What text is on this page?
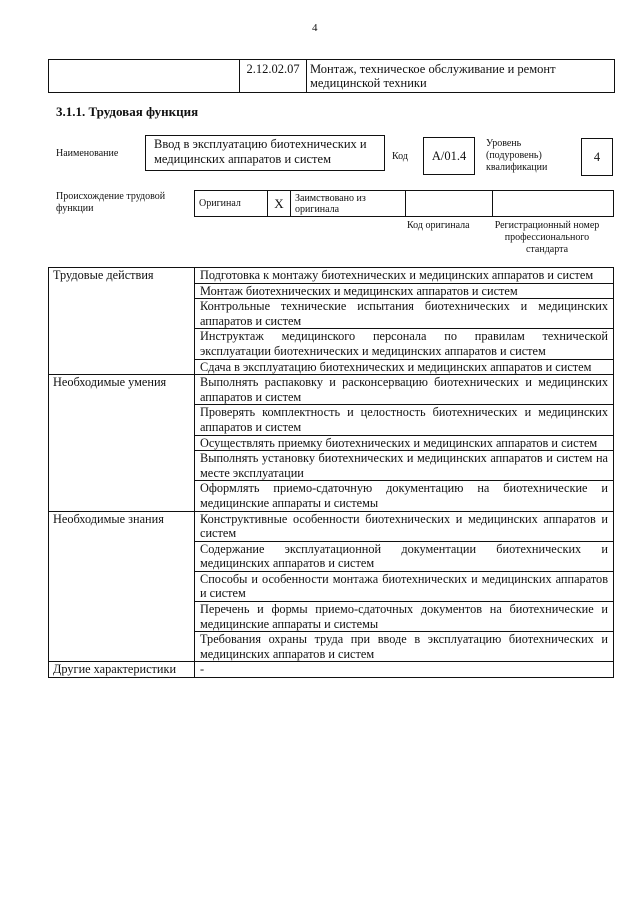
4
	2.12.02.07	Монтаж, техническое обслуживание и ремонт медицинской техники
3.1.1. Трудовая функция
Наименование
Ввод в эксплуатацию биотехнических и медицинских аппаратов и систем	Код	A/01.4
Уровень (подуровень) квалификации
4
Происхождение трудовой функции	Оригинал	X	Заимствовано из оригинала		
Код оригинала	Регистрационный номер профессионального стандарта
Трудовые действия	Подготовка к монтажу биотехнических и медицинских аппаратов и систем
	Монтаж биотехнических и медицинских аппаратов и систем
	Контрольные технические испытания биотехнических и медицинских аппаратов и систем
	Инструктаж медицинского персонала по правилам технической эксплуатации биотехнических и медицинских аппаратов и систем
	Сдача в эксплуатацию биотехнических и медицинских аппаратов и систем
Необходимые умения	Выполнять распаковку и расконсервацию биотехнических и медицинских аппаратов и систем
	Проверять комплектность и целостность биотехнических и медицинских аппаратов и систем
	Осуществлять приемку биотехнических и медицинских аппаратов и систем
	Выполнять установку биотехнических и медицинских аппаратов и систем на месте эксплуатации
	Оформлять приемо-сдаточную документацию на биотехнические и медицинские аппараты и системы
Необходимые знания	Конструктивные особенности биотехнических и медицинских аппаратов и систем
	Содержание эксплуатационной документации биотехнических и медицинских аппаратов и систем
	Способы и особенности монтажа биотехнических и медицинских аппаратов и систем
	Перечень и формы приемо-сдаточных документов на биотехнические и медицинские аппараты и системы
	Требования охраны труда при вводе в эксплуатацию биотехнических и медицинских аппаратов и систем
Другие характеристики	-
